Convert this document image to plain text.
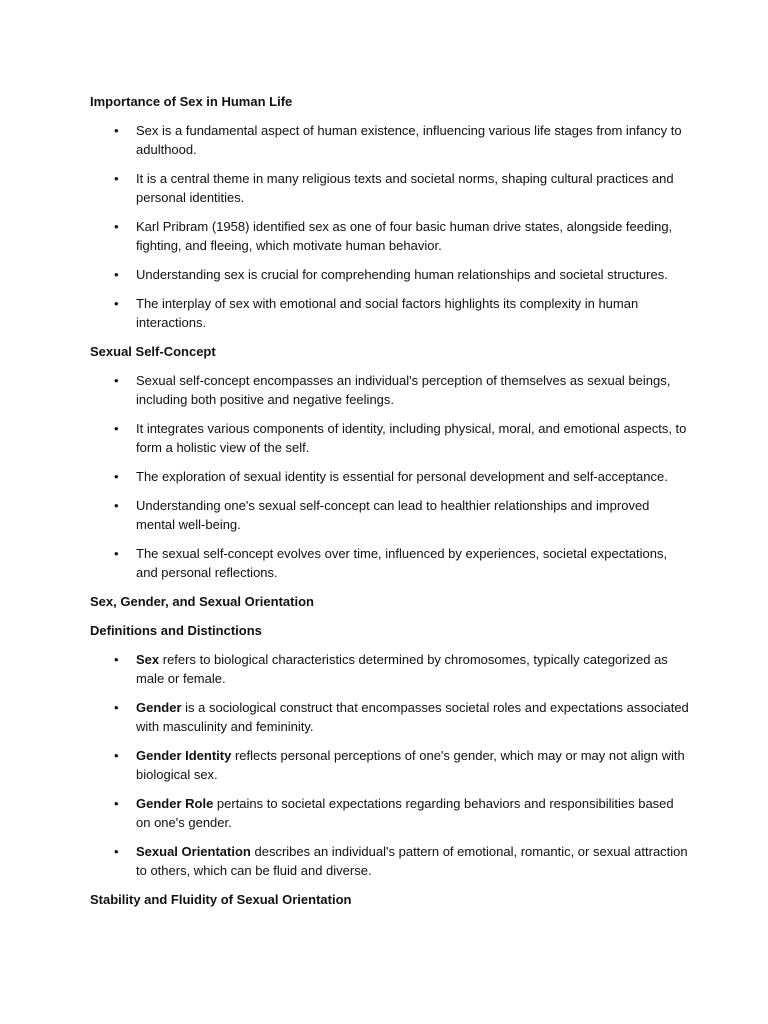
Importance of Sex in Human Life
• Sex is a fundamental aspect of human existence, influencing various life stages from infancy to adulthood.
• It is a central theme in many religious texts and societal norms, shaping cultural practices and personal identities.
• Karl Pribram (1958) identified sex as one of four basic human drive states, alongside feeding, fighting, and fleeing, which motivate human behavior.
• Understanding sex is crucial for comprehending human relationships and societal structures.
• The interplay of sex with emotional and social factors highlights its complexity in human interactions.
Sexual Self-Concept
• Sexual self-concept encompasses an individual's perception of themselves as sexual beings, including both positive and negative feelings.
• It integrates various components of identity, including physical, moral, and emotional aspects, to form a holistic view of the self.
• The exploration of sexual identity is essential for personal development and self-acceptance.
• Understanding one's sexual self-concept can lead to healthier relationships and improved mental well-being.
• The sexual self-concept evolves over time, influenced by experiences, societal expectations, and personal reflections.
Sex, Gender, and Sexual Orientation
Definitions and Distinctions
• Sex refers to biological characteristics determined by chromosomes, typically categorized as male or female.
• Gender is a sociological construct that encompasses societal roles and expectations associated with masculinity and femininity.
• Gender Identity reflects personal perceptions of one's gender, which may or may not align with biological sex.
• Gender Role pertains to societal expectations regarding behaviors and responsibilities based on one's gender.
• Sexual Orientation describes an individual's pattern of emotional, romantic, or sexual attraction to others, which can be fluid and diverse.
Stability and Fluidity of Sexual Orientation
